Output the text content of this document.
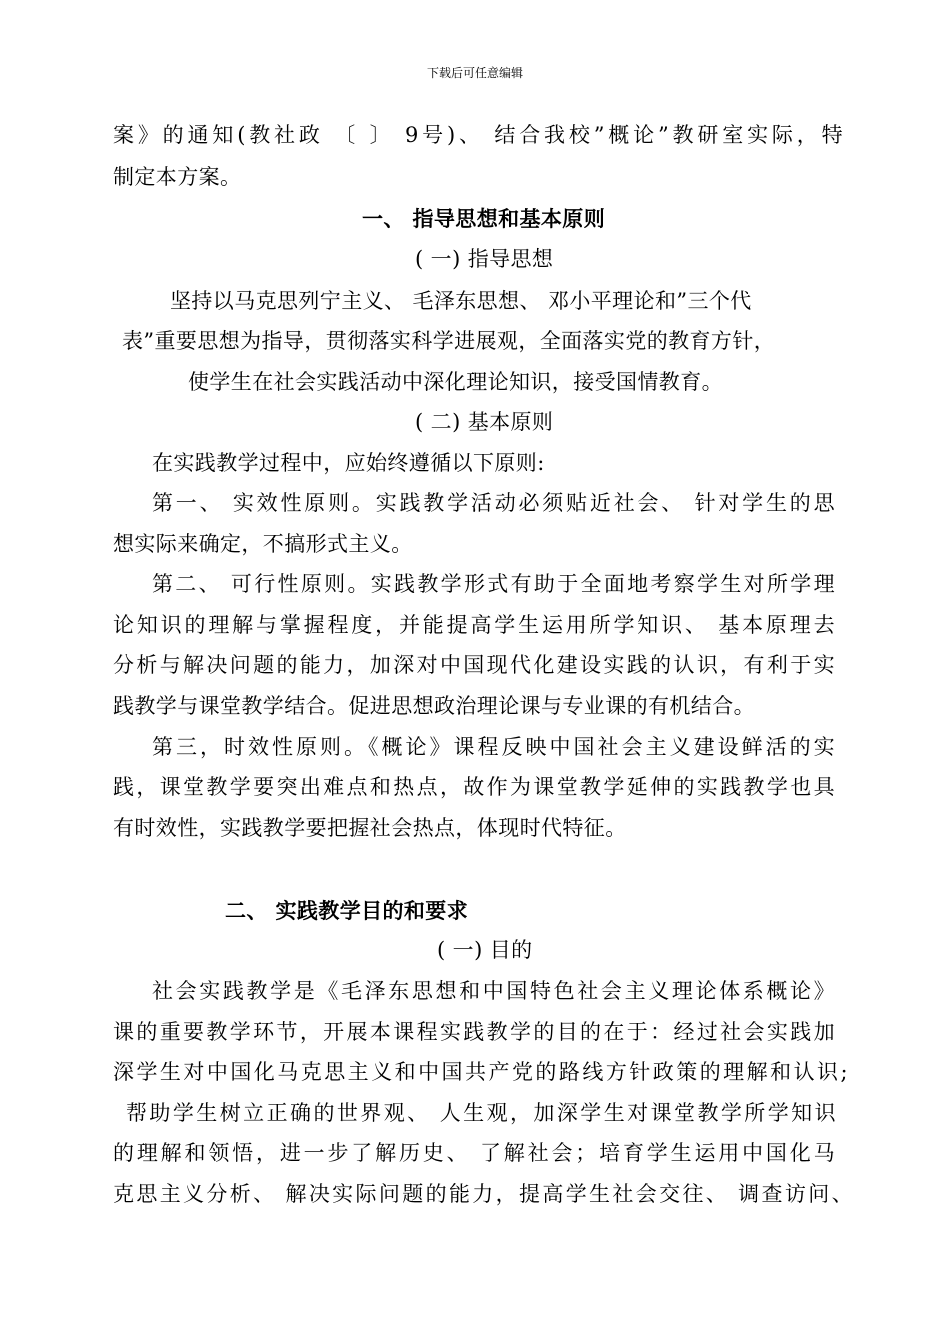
下载后可任意编辑
案》的通知(教社政 〔 〕 9号)、 结合我校”概论”教研室实际，特
制定本方案。
一、 指导思想和基本原则
( 一) 指导思想
坚持以马克思列宁主义、 毛泽东思想、 邓小平理论和”三个代
表”重要思想为指导，贯彻落实科学进展观，全面落实党的教育方针，
使学生在社会实践活动中深化理论知识，接受国情教育。
( 二) 基本原则
在实践教学过程中，应始终遵循以下原则:
第一、 实效性原则。实践教学活动必须贴近社会、 针对学生的思
想实际来确定，不搞形式主义。
第二、 可行性原则。实践教学形式有助于全面地考察学生对所学理
论知识的理解与掌握程度，并能提高学生运用所学知识、 基本原理去
分析与解决问题的能力，加深对中国现代化建设实践的认识，有利于实
践教学与课堂教学结合。促进思想政治理论课与专业课的有机结合。
第三，时效性原则。《概论》课程反映中国社会主义建设鲜活的实
践，课堂教学要突出难点和热点，故作为课堂教学延伸的实践教学也具
有时效性，实践教学要把握社会热点，体现时代特征。
二、 实践教学目的和要求
( 一) 目的
社会实践教学是《毛泽东思想和中国特色社会主义理论体系概论》
课的重要教学环节，开展本课程实践教学的目的在于：经过社会实践加
深学生对中国化马克思主义和中国共产党的路线方针政策的理解和认识;
帮助学生树立正确的世界观、 人生观，加深学生对课堂教学所学知识
的理解和领悟，进一步了解历史、 了解社会；培育学生运用中国化马
克思主义分析、 解决实际问题的能力，提高学生社会交往、 调查访问、
